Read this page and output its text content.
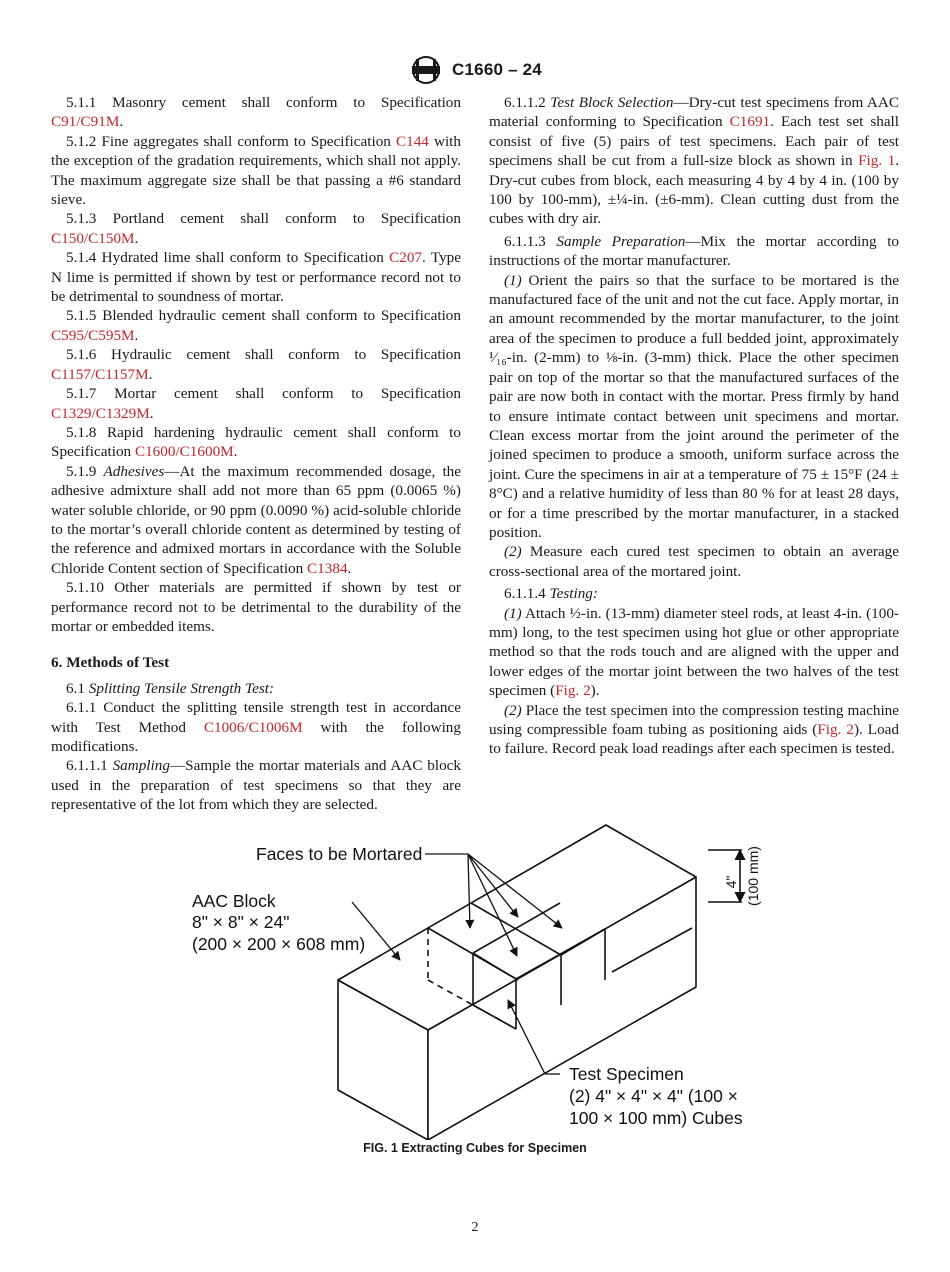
C1660 – 24

5.1.1 Masonry cement shall conform to Specification C91/C91M.

5.1.2 Fine aggregates shall conform to Specification C144 with the exception of the gradation requirements, which shall not apply. The maximum aggregate size shall be that passing a #6 standard sieve.

5.1.3 Portland cement shall conform to Specification C150/C150M.

5.1.4 Hydrated lime shall conform to Specification C207. Type N lime is permitted if shown by test or performance record not to be detrimental to soundness of mortar.

5.1.5 Blended hydraulic cement shall conform to Specification C595/C595M.

5.1.6 Hydraulic cement shall conform to Specification C1157/C1157M.

5.1.7 Mortar cement shall conform to Specification C1329/C1329M.

5.1.8 Rapid hardening hydraulic cement shall conform to Specification C1600/C1600M.

5.1.9 Adhesives—At the maximum recommended dosage, the adhesive admixture shall add not more than 65 ppm (0.0065 %) water soluble chloride, or 90 ppm (0.0090 %) acid-soluble chloride to the mortar’s overall chloride content as determined by testing of the reference and admixed mortars in accordance with the Soluble Chloride Content section of Specification C1384.

5.1.10 Other materials are permitted if shown by test or performance record not to be detrimental to the durability of the mortar or embedded items.

6. Methods of Test

6.1 Splitting Tensile Strength Test:

6.1.1 Conduct the splitting tensile strength test in accordance with Test Method C1006/C1006M with the following modifications.

6.1.1.1 Sampling—Sample the mortar materials and AAC block used in the preparation of test specimens so that they are representative of the lot from which they are selected.

6.1.1.2 Test Block Selection—Dry-cut test specimens from AAC material conforming to Specification C1691. Each test set shall consist of five (5) pairs of test specimens. Each pair of test specimens shall be cut from a full-size block as shown in Fig. 1. Dry-cut cubes from block, each measuring 4 by 4 by 4 in. (100 by 100 by 100-mm), ±¼-in. (±6-mm). Clean cutting dust from the cubes with dry air.

6.1.1.3 Sample Preparation—Mix the mortar according to instructions of the mortar manufacturer.

(1) Orient the pairs so that the surface to be mortared is the manufactured face of the unit and not the cut face. Apply mortar, in an amount recommended by the mortar manufacturer, to the joint area of the specimen to produce a full bedded joint, approximately ¹⁄₁₆-in. (2-mm) to ⅛-in. (3-mm) thick. Place the other specimen pair on top of the mortar so that the manufactured surfaces of the pair are now both in contact with the mortar. Press firmly by hand to ensure intimate contact between unit specimens and mortar. Clean excess mortar from the joint around the perimeter of the joined specimen to produce a smooth, uniform surface across the joint. Cure the specimens in air at a temperature of 75 ± 15°F (24 ± 8°C) and a relative humidity of less than 80 % for at least 28 days, or for a time prescribed by the mortar manufacturer, in a stacked position.

(2) Measure each cured test specimen to obtain an average cross-sectional area of the mortared joint.

6.1.1.4 Testing:

(1) Attach ½-in. (13-mm) diameter steel rods, at least 4-in. (100-mm) long, to the test specimen using hot glue or other appropriate method so that the rods touch and are aligned with the upper and lower edges of the mortar joint between the two halves of the test specimen (Fig. 2).

(2) Place the test specimen into the compression testing machine using compressible foam tubing as positioning aids (Fig. 2). Load to failure. Record peak load readings after each specimen is tested.

Faces to be Mortared
AAC Block
8" × 8" × 24"
(200 × 200 × 608 mm)
Test Specimen
(2) 4" × 4" × 4" (100 ×
100 × 100 mm) Cubes
4" (100 mm)
FIG. 1 Extracting Cubes for Specimen
2
